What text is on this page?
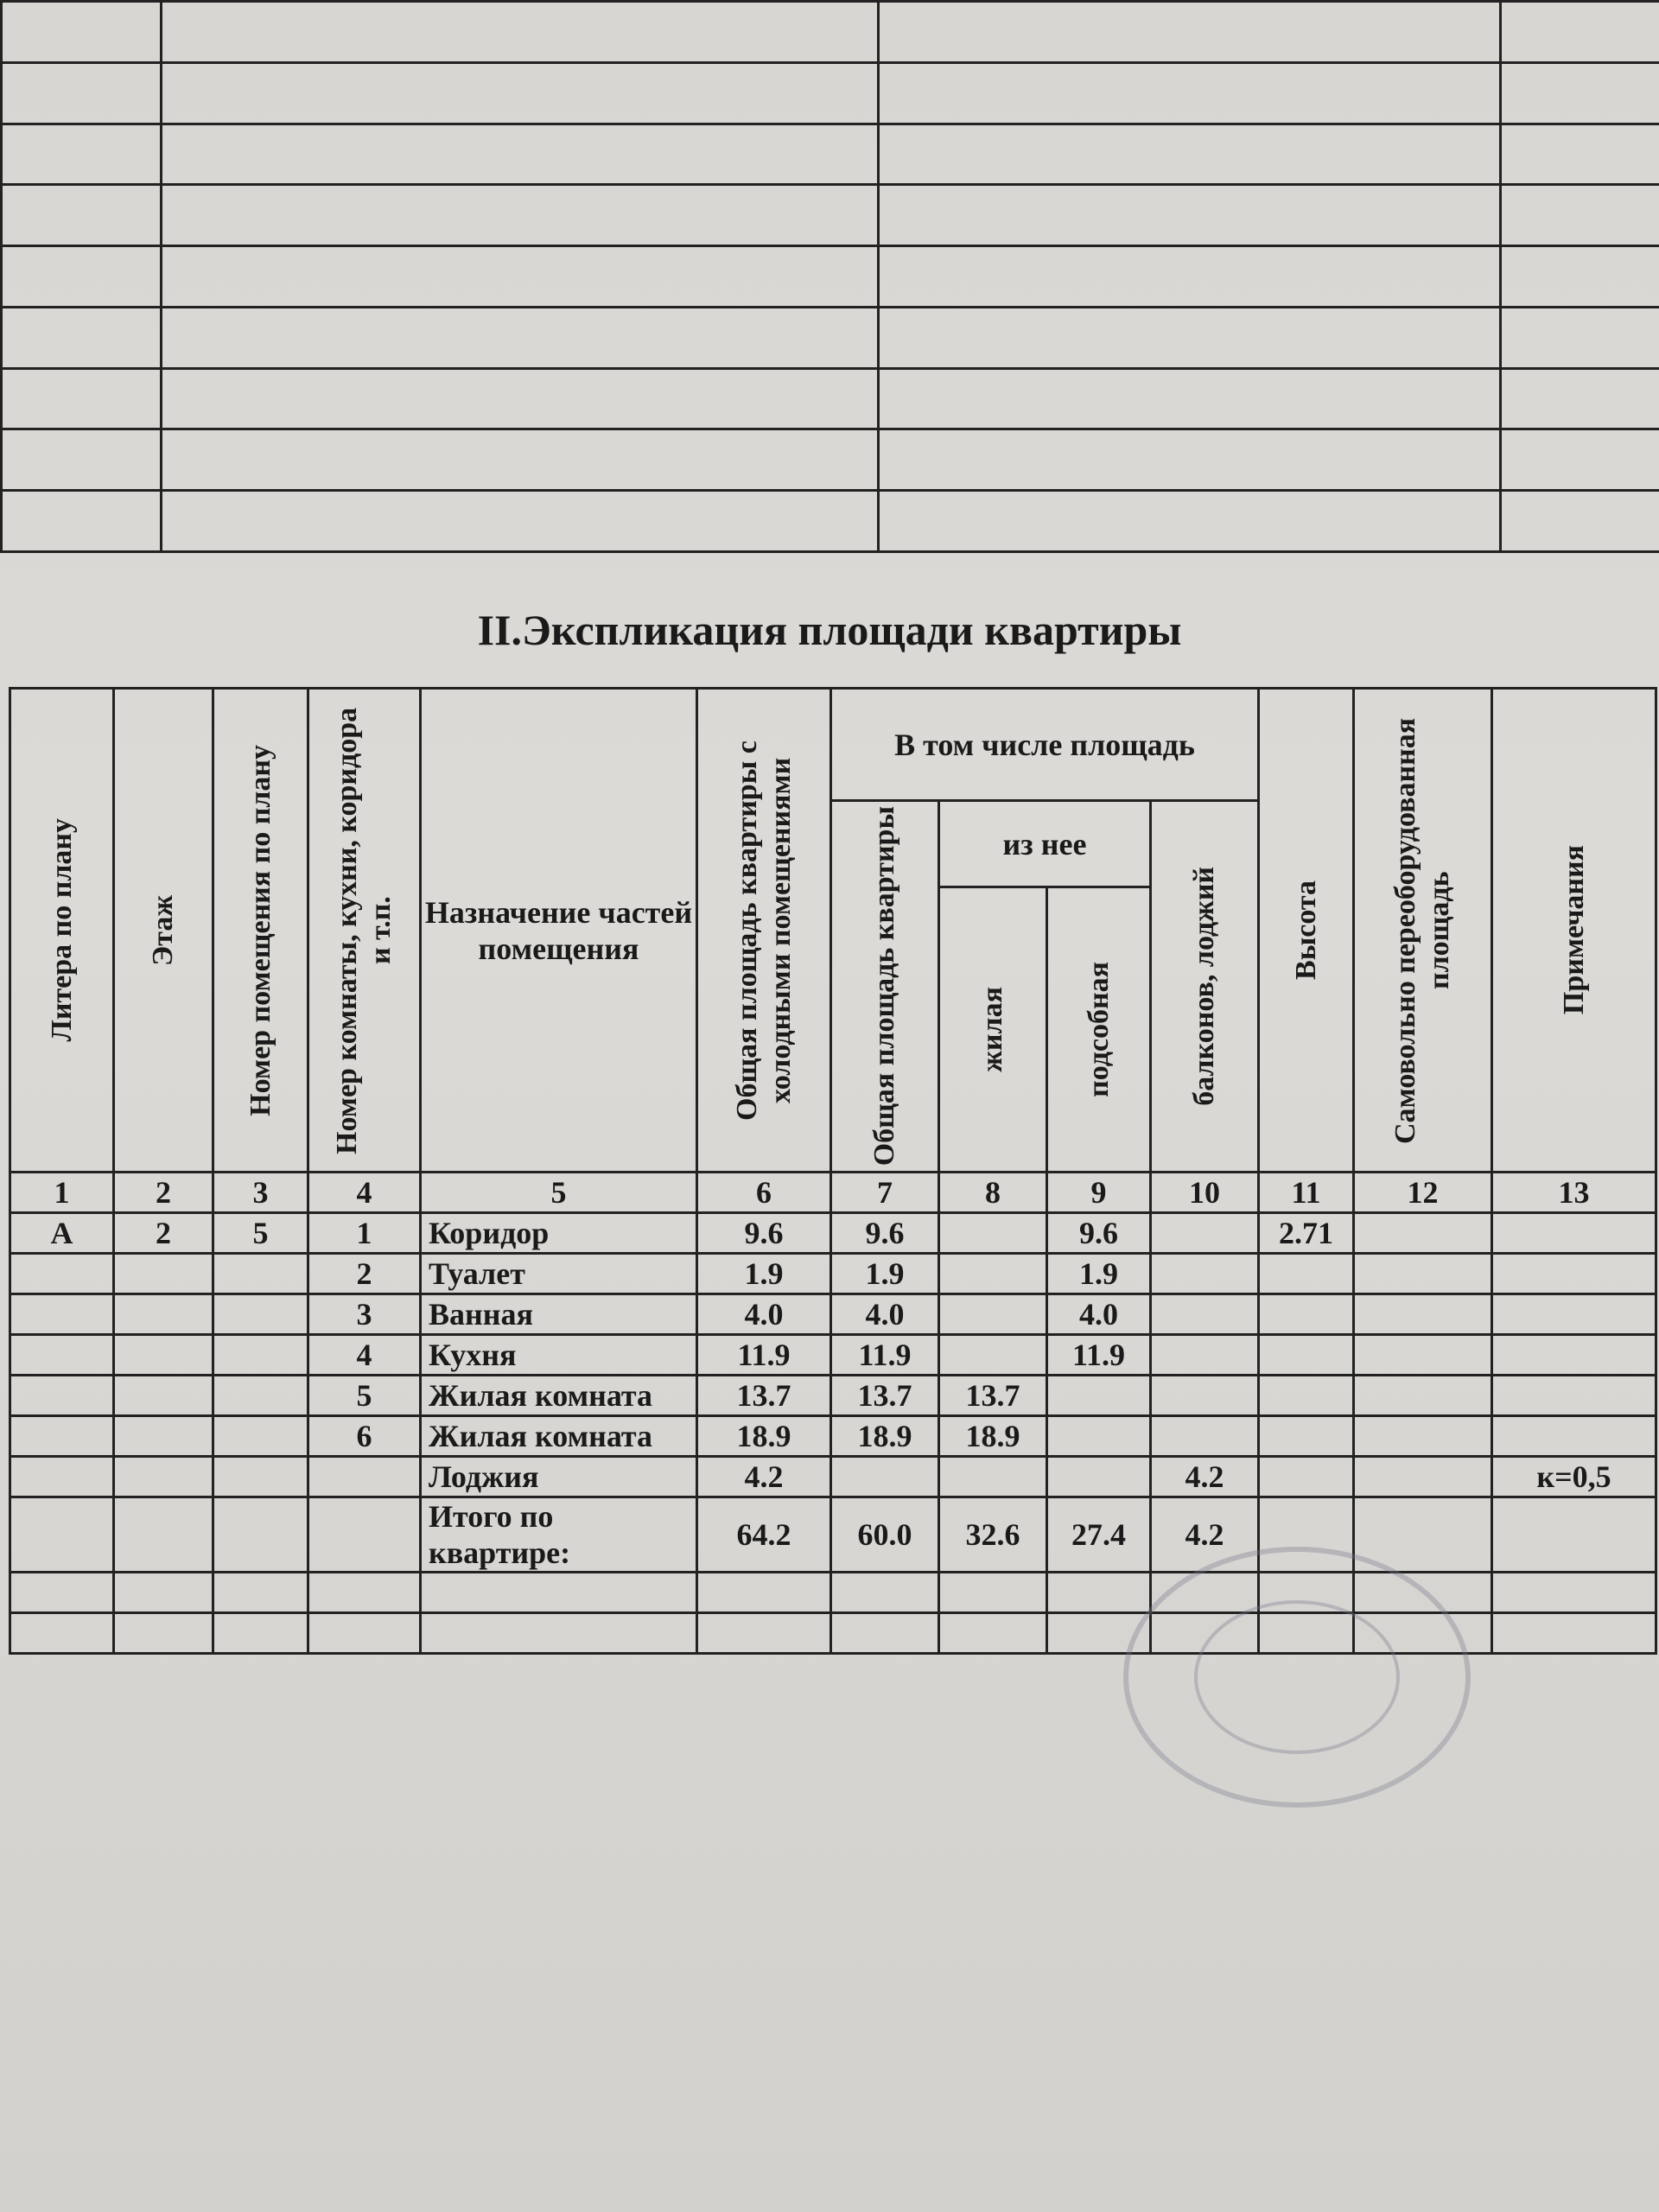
II.Экспликация площади квартиры
Литера по плану	Этаж	Номер помещения по плану	Номер комнаты, кухни, коридора и т.п.	Назначение частей помещения	Общая площадь квартиры с холодными помещениями	В том числе площадь				Высота	Самовольно переоборудованная площадь	Примечания

						Общая площадь квартиры	из нее		балконов, лоджий			

							жилая	подсобная				

1	2	3	4	5	6	7	8	9	10	11	12	13
А	2	5	1	Коридор	9.6	9.6		9.6		2.71		
			2	Туалет	1.9	1.9		1.9				
			3	Ванная	4.0	4.0		4.0				
			4	Кухня	11.9	11.9		11.9				
			5	Жилая комната	13.7	13.7	13.7					
			6	Жилая комната	18.9	18.9	18.9					
				Лоджия	4.2				4.2			к=0,5
				Итого по квартире:	64.2	60.0	32.6	27.4	4.2			
